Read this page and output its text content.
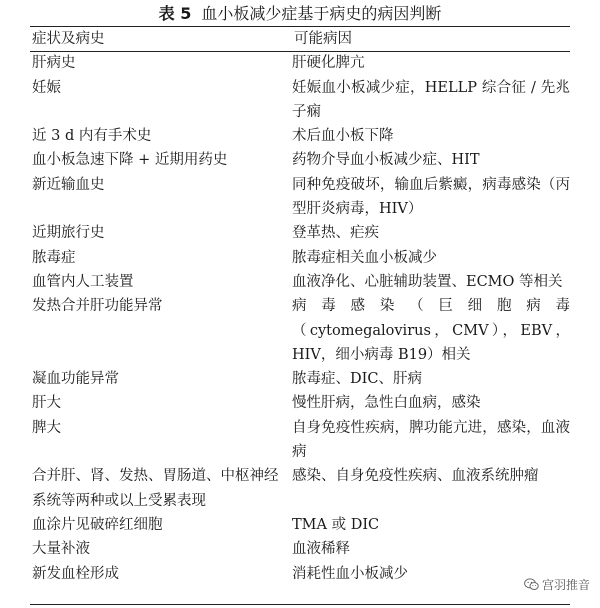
表 5 血小板减少症基于病史的病因判断
症状及病史	可能病因
肝病史	肝硬化脾亢
妊娠	妊娠血小板减少症，HELLP 综合征 / 先兆子痫
近 3 d 内有手术史	术后血小板下降
血小板急速下降 + 近期用药史	药物介导血小板减少症、HIT
新近输血史	同种免疫破坏，输血后紫癜，病毒感染（丙型肝炎病毒，HIV）
近期旅行史	登革热、疟疾
脓毒症	脓毒症相关血小板减少
血管内人工装置	血液净化、心脏辅助装置、ECMO 等相关
发热合并肝功能异常	病毒感染（巨细胞病毒（cytomegalovirus，CMV），EBV，HIV，细小病毒 B19）相关
凝血功能异常	脓毒症、DIC、肝病
肝大	慢性肝病，急性白血病，感染
脾大	自身免疫性疾病，脾功能亢进，感染，血液病
合并肝、肾、发热、胃肠道、中枢神经系统等两种或以上受累表现	感染、自身免疫性疾病、血液系统肿瘤
血涂片见破碎红细胞	TMA 或 DIC
大量补液	血液稀释
新发血栓形成	消耗性血小板减少
宫羽推音
